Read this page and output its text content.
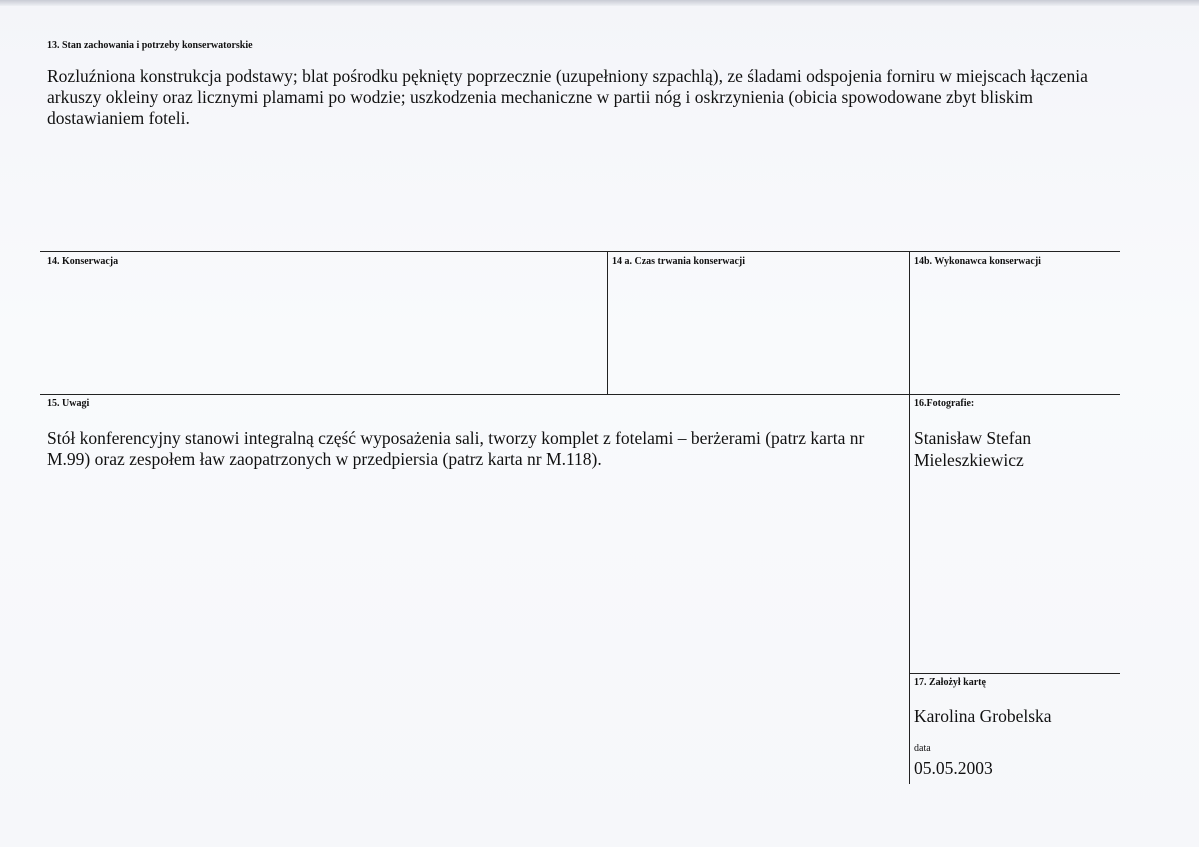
13. Stan zachowania i potrzeby konserwatorskie
Rozluźniona konstrukcja podstawy; blat pośrodku pęknięty poprzecznie (uzupełniony szpachlą), ze śladami odspojenia forniru w miejscach łączenia arkuszy okleiny oraz licznymi plamami po wodzie; uszkodzenia mechaniczne w partii nóg i oskrzynienia (obicia spowodowane zbyt bliskim dostawianiem foteli.
14. Konserwacja	14 a. Czas trwania konserwacji	14b. Wykonawca konserwacji
15. Uwagi
Stół konferencyjny stanowi integralną część wyposażenia sali, tworzy komplet z fotelami – berżerami (patrz karta nr M.99) oraz zespołem ław zaopatrzonych w przedpiersia (patrz karta nr M.118).
16.Fotografie:
Stanisław Stefan
Mieleszkiewicz
17. Założył kartę
Karolina Grobelska
data
05.05.2003
